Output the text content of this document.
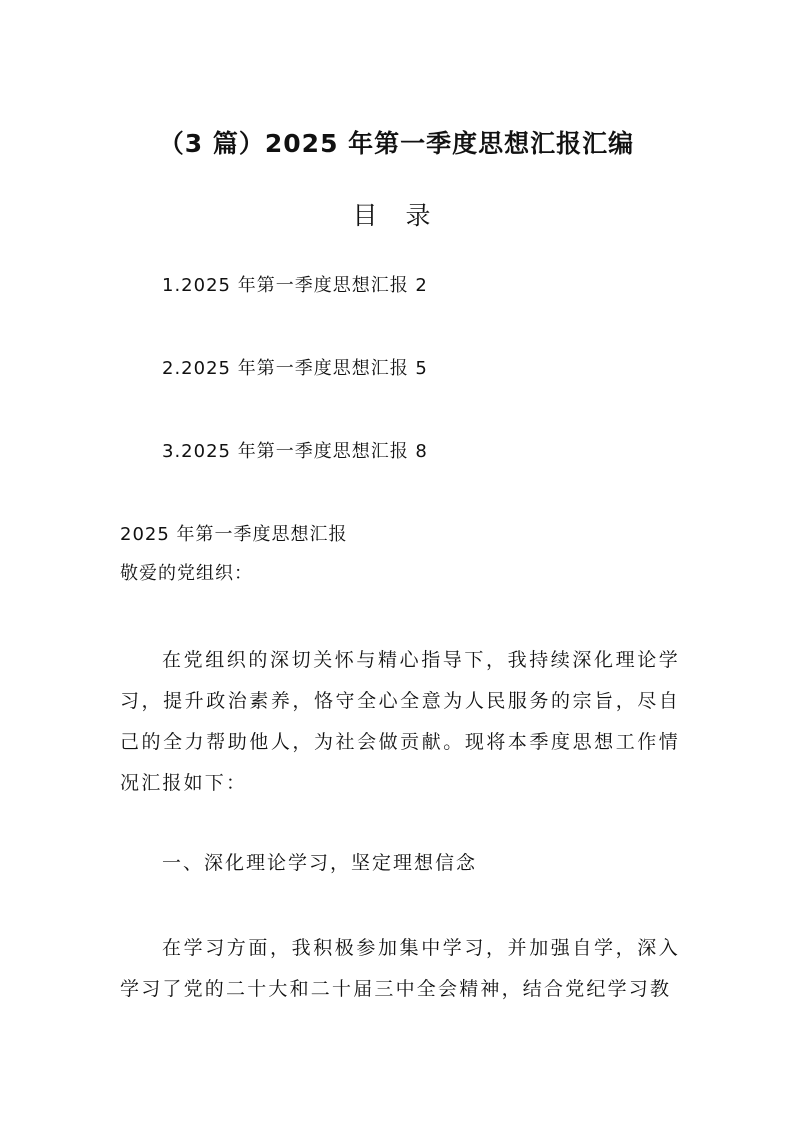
（3 篇）2025 年第一季度思想汇报汇编
目 录
1.2025 年第一季度思想汇报 2
2.2025 年第一季度思想汇报 5
3.2025 年第一季度思想汇报 8
2025 年第一季度思想汇报
敬爱的党组织：
在党组织的深切关怀与精心指导下，我持续深化理论学习，提升政治素养，恪守全心全意为人民服务的宗旨，尽自己的全力帮助他人，为社会做贡献。现将本季度思想工作情况汇报如下：
一、深化理论学习，坚定理想信念
在学习方面，我积极参加集中学习，并加强自学，深入学习了党的二十大和二十届三中全会精神，结合党纪学习教
